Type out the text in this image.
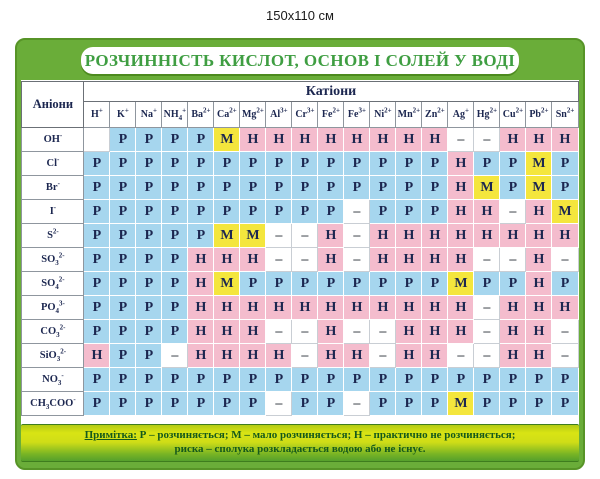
150х110 см
РОЗЧИННІСТЬ КИСЛОТ, ОСНОВ І СОЛЕЙ У ВОДІ
Аніони	Катіони																		
	H+	K+	Na+	$NH_4^+$	$Ba^{2+}$	$Ca^{2+}$	$Mg^{2+}$	$Al^{3+}$	$Cr^{3+}$	$Fe^{2+}$	$Fe^{3+}$	$Ni^{2+}$	$Mn^{2+}$	$Zn^{2+}$	Ag+	$Hg^{2+}$	$Cu^{2+}$	$Pb^{2+}$	$Sn^{2+}$
OH-		Р	Р	Р	Р	М	Н	Н	Н	Н	Н	Н	Н	Н	–	–	Н	Н	Н
Cl-	Р	Р	Р	Р	Р	Р	Р	Р	Р	Р	Р	Р	Р	Р	Н	Р	Р	М	Р
Br-	Р	Р	Р	Р	Р	Р	Р	Р	Р	Р	Р	Р	Р	Р	Н	М	Р	М	Р
I-	Р	Р	Р	Р	Р	Р	Р	Р	Р	Р	–	Р	Р	Р	Н	Н	–	Н	М
$S^{2-}$	Р	Р	Р	Р	Р	М	М	–	–	Н	–	Н	Н	Н	Н	Н	Н	Н	Н
$SO_3^{2-}$	Р	Р	Р	Р	Н	Н	Н	–	–	Н	–	Н	Н	Н	Н	–	–	Н	–
$SO_4^{2-}$	Р	Р	Р	Р	Н	М	Р	Р	Р	Р	Р	Р	Р	Р	М	Р	Р	Н	Р
$PO_4^{3-}$	Р	Р	Р	Р	Н	Н	Н	Н	Н	Н	Н	Н	Н	Н	Н	–	Н	Н	Н
$CO_3^{2-}$	Р	Р	Р	Р	Н	Н	Н	–	–	Н	–	–	Н	Н	Н	–	Н	Н	–
SiO$_3^{2-}$	Н	Р	Р	–	Н	Н	Н	Н	–	Н	Н	–	Н	Н	–	–	Н	Н	–
$NO_3^-$	Р	Р	Р	Р	Р	Р	Р	Р	Р	Р	Р	Р	Р	Р	Р	Р	Р	Р	Р
$CH_3COO^-$	Р	Р	Р	Р	Р	Р	Р	–	Р	Р	–	Р	Р	Р	М	Р	Р	Р	Р
Примітка: Р – розчиняється; М – мало розчиняється; Н – практично не розчиняється;
риска – сполука розкладається водою або не існує.
